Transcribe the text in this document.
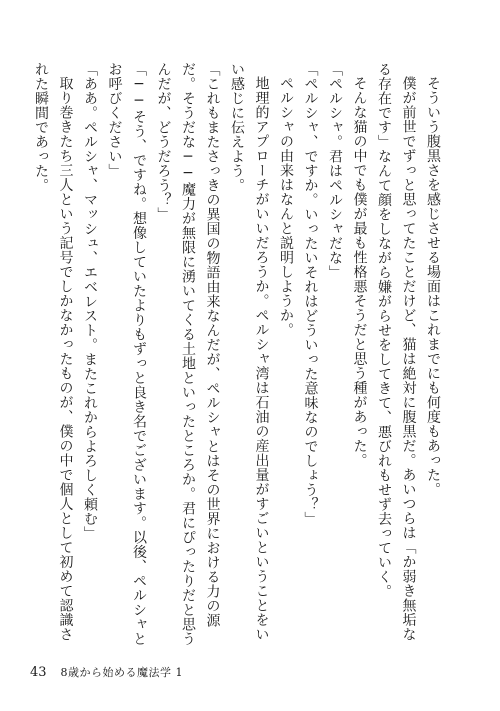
そういう腹黒さを感じさせる場面はこれまでにも何度もあった。

僕が前世でずっと思ってたことだけど、猫は絶対に腹黒だ。あいつらは「か弱き無垢なる存在です」なんて顔をしながら嫌がらせをしてきて、悪びれもせず去っていく。

そんな猫の中でも僕が最も性格悪そうだと思う種があった。

「ペルシャ。君はペルシャだな」

「ペルシャ、ですか。いったいそれはどういった意味なのでしょう？」

ペルシャの由来はなんと説明しようか。

地理的アプローチがいいだろうか。ペルシャ湾は石油の産出量がすごいということをいい感じに伝えよう。

「これもまたさっきの異国の物語由来なんだが、ペルシャとはその世界における力の源だ。そうだな──魔力が無限に湧いてくる土地といったところか。君にぴったりだと思うんだが、どうだろう？」

「──そう、ですね。想像していたよりもずっと良き名でございます。以後、ペルシャとお呼びください」

「ああ。ペルシャ、マッシュ、エベレスト。またこれからよろしく頼む」

取り巻きたち三人という記号でしかなかったものが、僕の中で個人として初めて認識された瞬間であった。

43 8歳から始める魔法学 1
